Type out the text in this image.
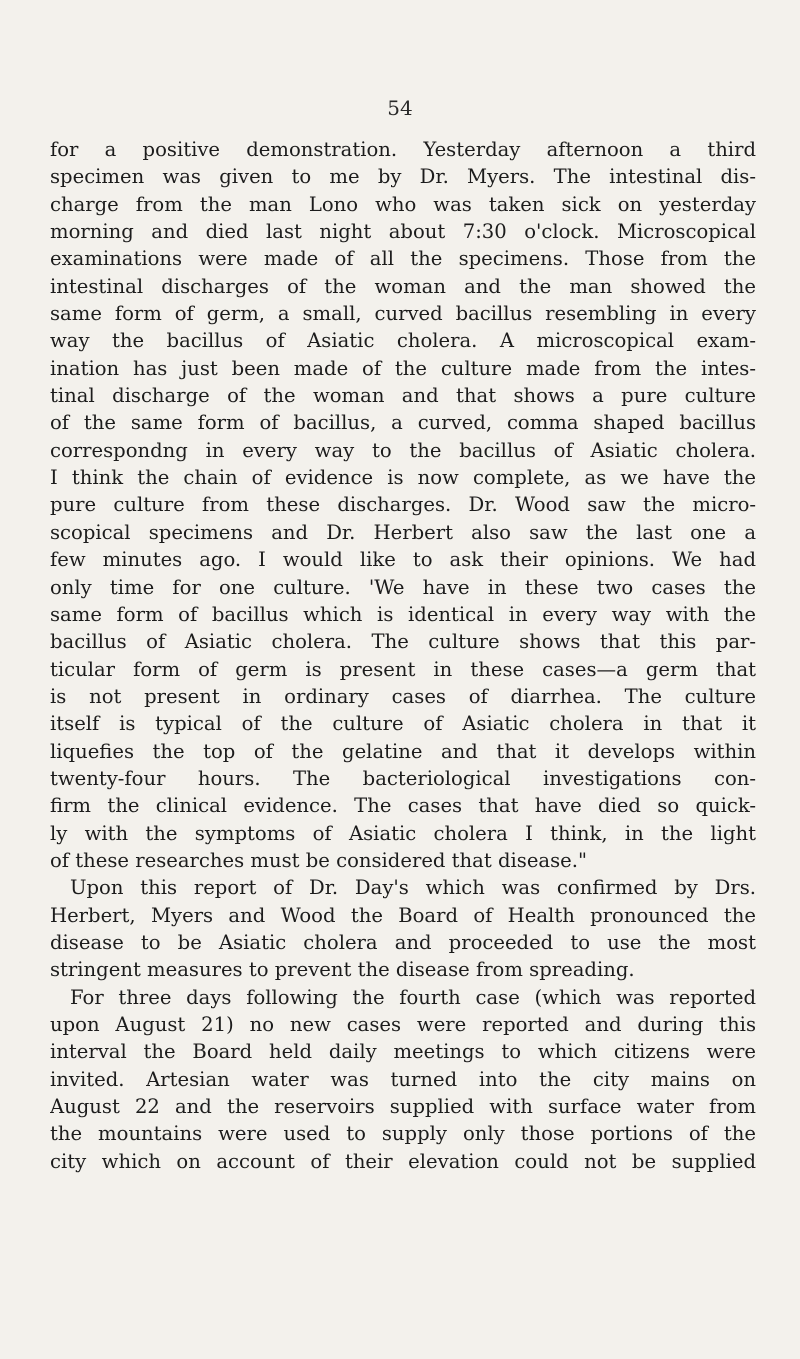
54
for a positive demonstration. Yesterday afternoon a third
specimen was given to me by Dr. Myers. The intestinal dis-
charge from the man Lono who was taken sick on yesterday
morning and died last night about 7:30 o'clock. Microscopical
examinations were made of all the specimens. Those from the
intestinal discharges of the woman and the man showed the
same form of germ, a small, curved bacillus resembling in every
way the bacillus of Asiatic cholera. A microscopical exam-
ination has just been made of the culture made from the intes-
tinal discharge of the woman and that shows a pure culture
of the same form of bacillus, a curved, comma shaped bacillus
correspondng in every way to the bacillus of Asiatic cholera.
I think the chain of evidence is now complete, as we have the
pure culture from these discharges. Dr. Wood saw the micro-
scopical specimens and Dr. Herbert also saw the last one a
few minutes ago. I would like to ask their opinions. We had
only time for one culture. 'We have in these two cases the
same form of bacillus which is identical in every way with the
bacillus of Asiatic cholera. The culture shows that this par-
ticular form of germ is present in these cases—a germ that
is not present in ordinary cases of diarrhea. The culture
itself is typical of the culture of Asiatic cholera in that it
liquefies the top of the gelatine and that it develops within
twenty-four hours. The bacteriological investigations con-
firm the clinical evidence. The cases that have died so quick-
ly with the symptoms of Asiatic cholera I think, in the light
of these researches must be considered that disease."
Upon this report of Dr. Day's which was confirmed by Drs.
Herbert, Myers and Wood the Board of Health pronounced the
disease to be Asiatic cholera and proceeded to use the most
stringent measures to prevent the disease from spreading.
For three days following the fourth case (which was reported
upon August 21) no new cases were reported and during this
interval the Board held daily meetings to which citizens were
invited. Artesian water was turned into the city mains on
August 22 and the reservoirs supplied with surface water from
the mountains were used to supply only those portions of the
city which on account of their elevation could not be supplied
